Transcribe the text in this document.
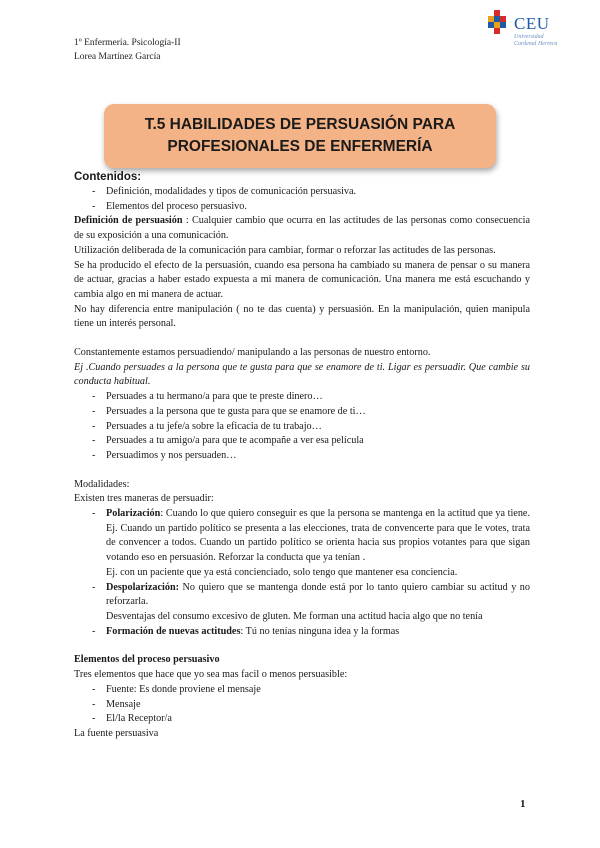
1º Enfermería. Psicología-II
Lorea Martínez García
CEU
Universidad
Cardenal Herrera
T.5 HABILIDADES DE PERSUASIÓN PARA
PROFESIONALES DE ENFERMERÍA
Contenidos:
- Definición, modalidades y tipos de comunicación persuasiva.
- Elementos del proceso persuasivo.

Definición de persuasión : Cualquier cambio que ocurra en las actitudes de las personas como consecuencia de su exposición a una comunicación.

Utilización deliberada de la comunicación para cambiar, formar o reforzar las actitudes de las personas.

Se ha producido el efecto de la persuasión, cuando esa persona ha cambiado su manera de pensar o su manera de actuar, gracias a haber estado expuesta a mi manera de comunicación. Una manera me está escuchando y cambia algo en mi manera de actuar.

No hay diferencia entre manipulación ( no te das cuenta) y persuasión. En la manipulación, quien manipula tiene un interés personal.

Constantemente estamos persuadiendo/ manipulando a las personas de nuestro entorno.

Ej .Cuando persuades a la persona que te gusta para que se enamore de ti. Ligar es persuadir. Que cambie su conducta habitual.

- Persuades a tu hermano/a para que te preste dinero…
- Persuades a la persona que te gusta para que se enamore de ti…
- Persuades a tu jefe/a sobre la eficacia de tu trabajo…
- Persuades a tu amigo/a para que te acompañe a ver esa película
- Persuadimos y nos persuaden…

Modalidades:

Existen tres maneras de persuadir:

- Polarización: Cuando lo que quiero conseguir es que la persona se mantenga en la actitud que ya tiene. Ej. Cuando un partido político se presenta a las elecciones, trata de convencerte para que le votes, trata de convencer a todos. Cuando un partido político se orienta hacia sus propios votantes para que sigan votando eso en persuasión. Reforzar la conducta que ya tenían .

Ej. con un paciente que ya está concienciado, solo tengo que mantener esa conciencia.

- Despolarización: No quiero que se mantenga donde está por lo tanto quiero cambiar su actitud y no reforzarla.

Desventajas del consumo excesivo de gluten. Me forman una actitud hacia algo que no tenía

- Formación de nuevas actitudes: Tú no tenías ninguna idea y la formas

Elementos del proceso persuasivo

Tres elementos que hace que yo sea mas facil o menos persuasible:

- Fuente: Es donde proviene el mensaje
- Mensaje
- El/la Receptor/a

La fuente persuasiva

1
